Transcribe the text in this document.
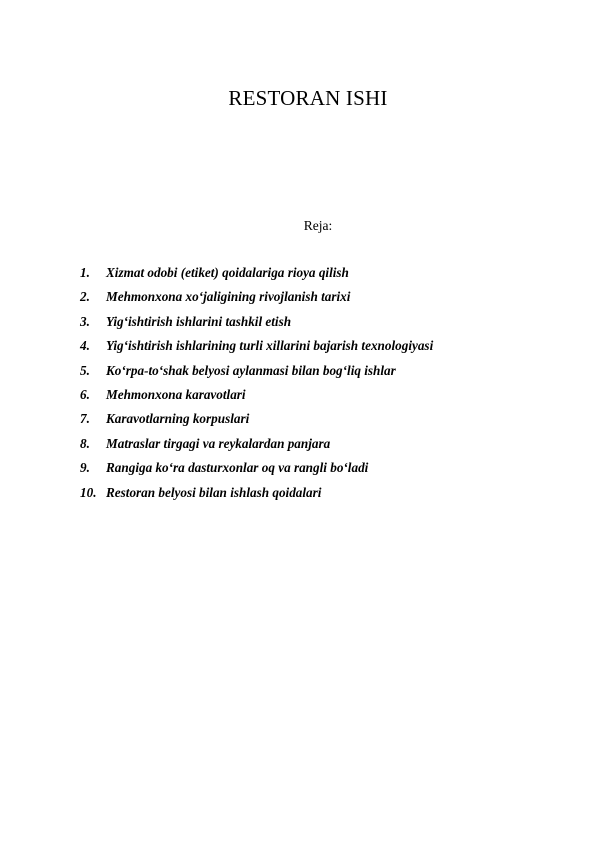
RESTORAN ISHI

Reja:

1.	Xizmat odobi (etiket) qoidalariga rioya qilish
2.	Mehmonxona xo‘jaligining rivojlanish tarixi
3.	Yig‘ishtirish ishlarini tashkil etish
4.	Yig‘ishtirish ishlarining turli xillarini bajarish texnologiyasi
5.	Ko‘rpa-to‘shak belyosi aylanmasi bilan bog‘liq ishlar
6.	Mehmonxona karavotlari
7.	Karavotlarning korpuslari
8.	Matraslar tirgagi va reykalardan panjara
9.	Rangiga ko‘ra dasturxonlar oq va rangli bo‘ladi
10. Restoran belyosi bilan ishlash qoidalari
